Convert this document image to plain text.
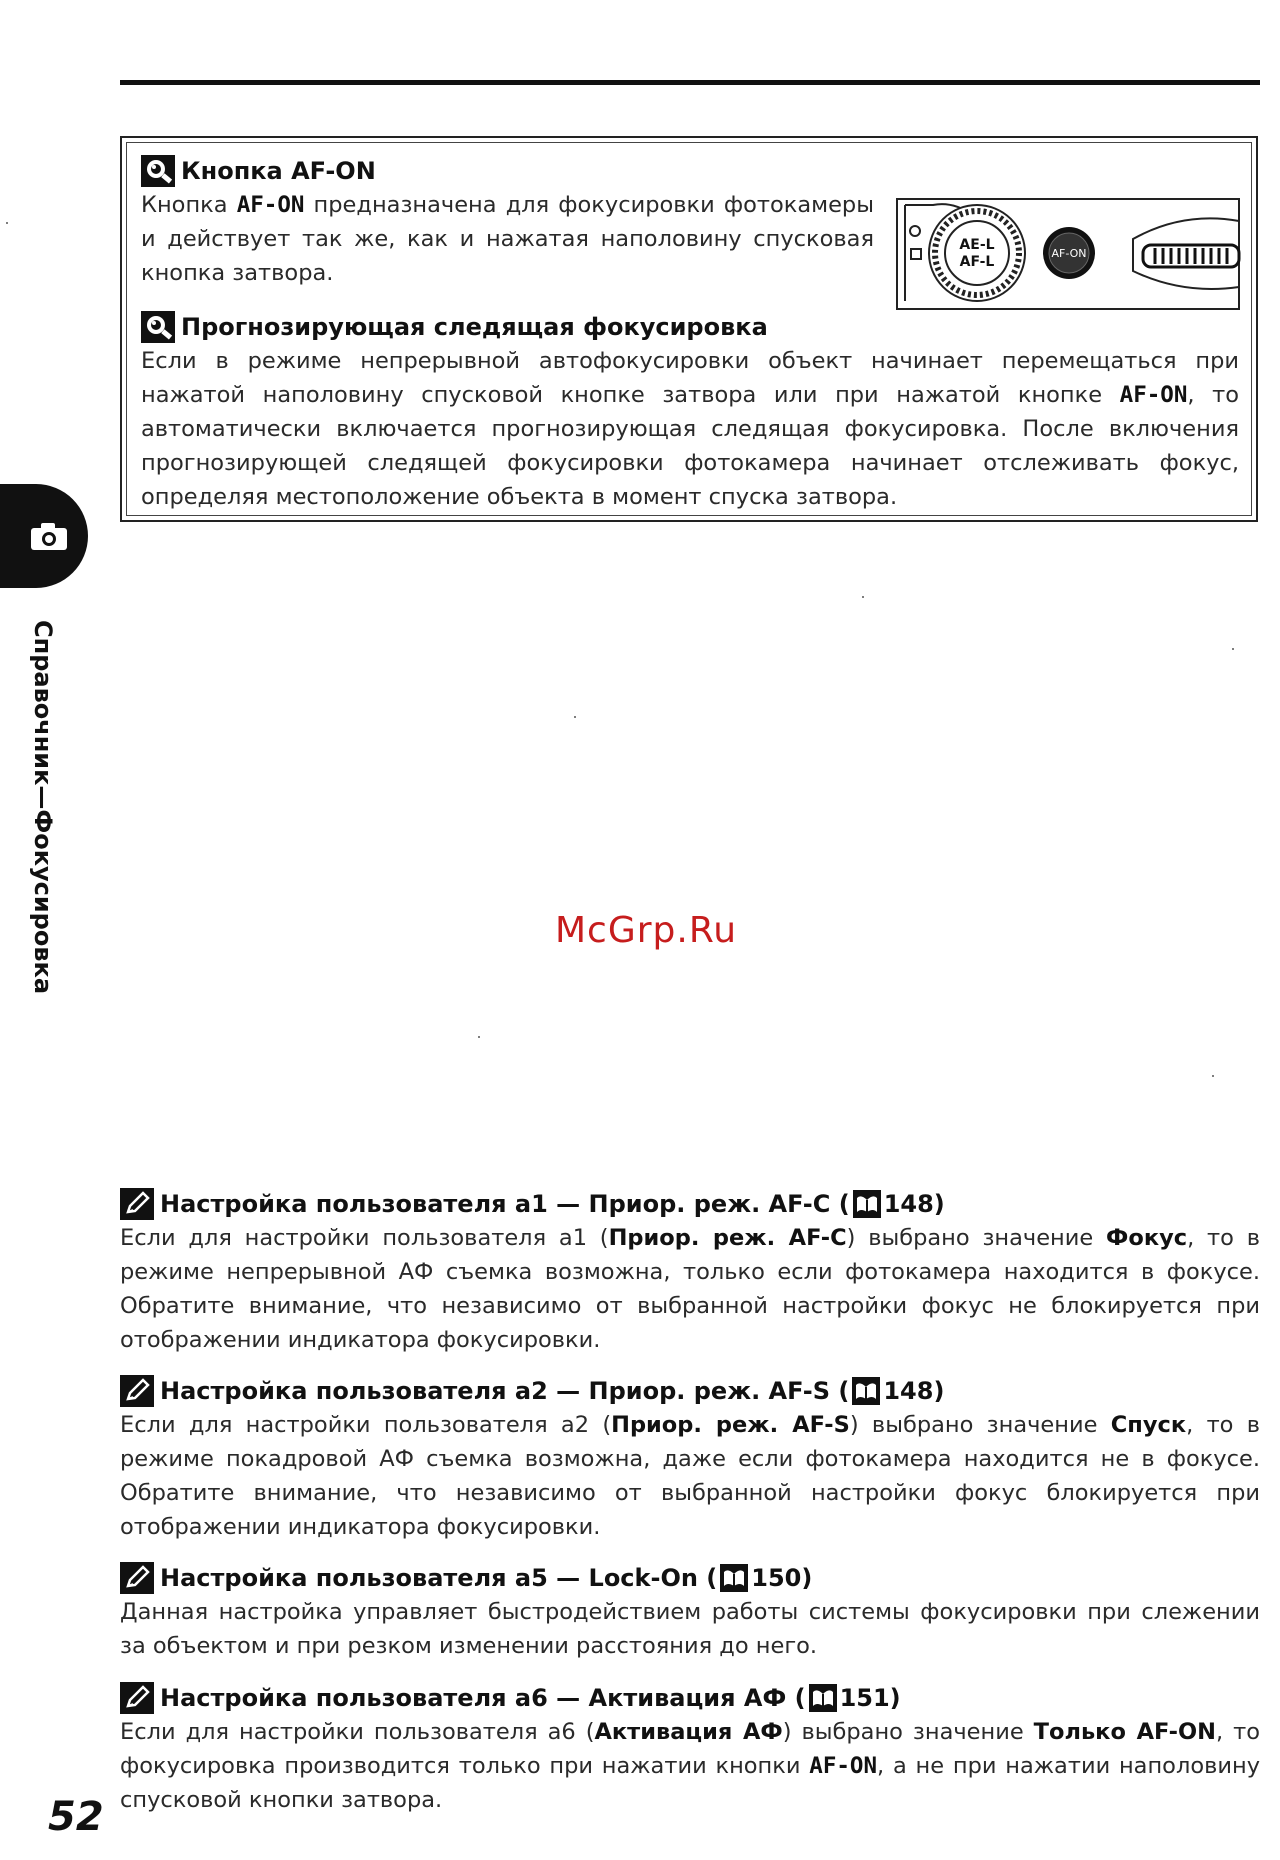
Кнопка AF-ON

Кнопка AF-ON предназначена для фокусировки фотокамеры и действует так же, как и нажатая наполовину спусковая кнопка затвора.

AE-L
AF-L
AF-ON
Прогнозирующая следящая фокусировка

Если в режиме непрерывной автофокусировки объект начинает перемещаться при нажатой наполовину спусковой кнопке затвора или при нажатой кнопке AF-ON, то автоматически включается прогнозирующая следящая фокусировка. После включения прогнозирующей следящей фокусировки фотокамера начинает отслеживать фокус, определяя местоположение объекта в момент спуска затвора.

Справочник—Фокусировка	McGrp.Ru
Настройка пользователя a1 — Приор. реж. AF-C ( 148 )

Если для настройки пользователя a1 (Приор. реж. AF-C) выбрано значение Фокус, то в режиме непрерывной АФ съемка возможна, только если фотокамера находится в фокусе. Обратите внимание, что независимо от выбранной настройки фокус не блокируется при отображении индикатора фокусировки.

Настройка пользователя a2 — Приор. реж. AF-S ( 148 )

Если для настройки пользователя a2 (Приор. реж. AF-S) выбрано значение Спуск, то в режиме покадровой АФ съемка возможна, даже если фотокамера находится не в фокусе. Обратите внимание, что независимо от выбранной настройки фокус блокируется при отображении индикатора фокусировки.

Настройка пользователя a5 — Lock-On ( 150 )

Данная настройка управляет быстродействием работы системы фокусировки при слежении за объектом и при резком изменении расстояния до него.

Настройка пользователя a6 — Активация АФ ( 151 )

Если для настройки пользователя a6 (Активация АФ) выбрано значение Только AF-ON, то фокусировка производится только при нажатии кнопки AF-ON, а не при нажатии наполовину спусковой кнопки затвора.

52
